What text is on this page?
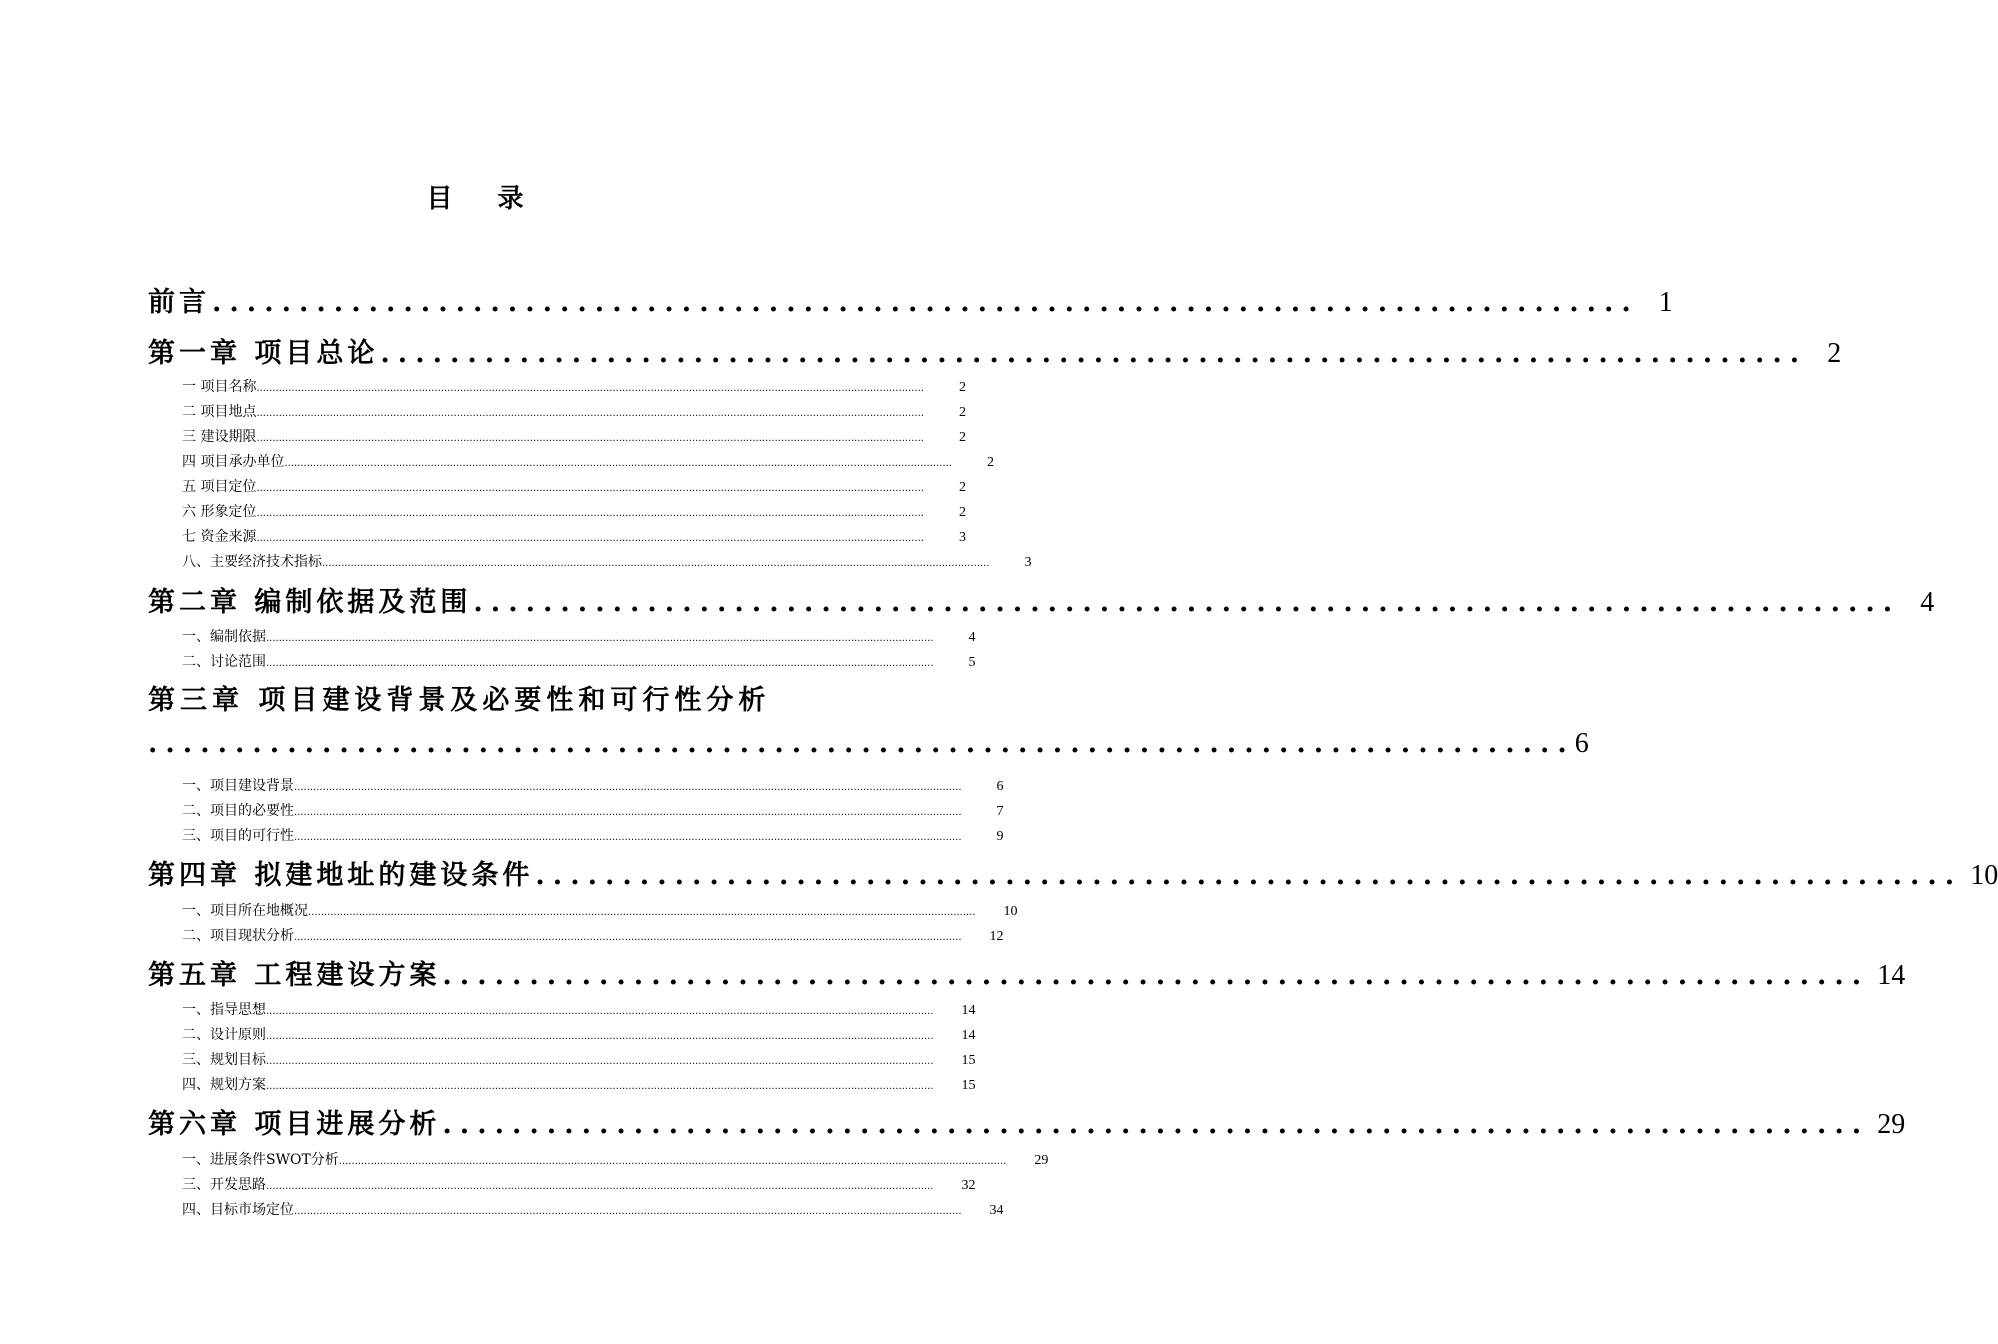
目 录
前言 .................................................................................. 1
第一章 项目总论 .................................................................................. 2
一 项目名称 ..................................................................................................................................................................................................................	2
二 项目地点 ..................................................................................................................................................................................................................	2
三 建设期限 ..................................................................................................................................................................................................................	2
四 项目承办单位 ..................................................................................................................................................................................................................	2
五 项目定位 ..................................................................................................................................................................................................................	2
六 形象定位 ..................................................................................................................................................................................................................	2
七 资金来源 ..................................................................................................................................................................................................................	3
八、主要经济技术指标 ..................................................................................................................................................................................................................	3
第二章 编制依据及范围 .................................................................................. 4
一、编制依据 ..................................................................................................................................................................................................................	4
二、讨论范围 ..................................................................................................................................................................................................................	5
第三章 项目建设背景及必要性和可行性分析
.................................................................................. 6
一、项目建设背景 ..................................................................................................................................................................................................................	6
二、项目的必要性 ..................................................................................................................................................................................................................	7
三、项目的可行性 ..................................................................................................................................................................................................................	9
第四章 拟建地址的建设条件 .................................................................................. 10
一、项目所在地概况 .................................................................................................................................................................................................................. 10
二、项目现状分析 .................................................................................................................................................................................................................. 12
第五章 工程建设方案 .................................................................................. 14
一、指导思想 .................................................................................................................................................................................................................. 14
二、设计原则 .................................................................................................................................................................................................................. 14
三、规划目标 .................................................................................................................................................................................................................. 15
四、规划方案 .................................................................................................................................................................................................................. 15
第六章 项目进展分析 .................................................................................. 29
一、进展条件SWOT分析 .................................................................................................................................................................................................................. 29
三、开发思路 .................................................................................................................................................................................................................. 32
四、目标市场定位 .................................................................................................................................................................................................................. 34
